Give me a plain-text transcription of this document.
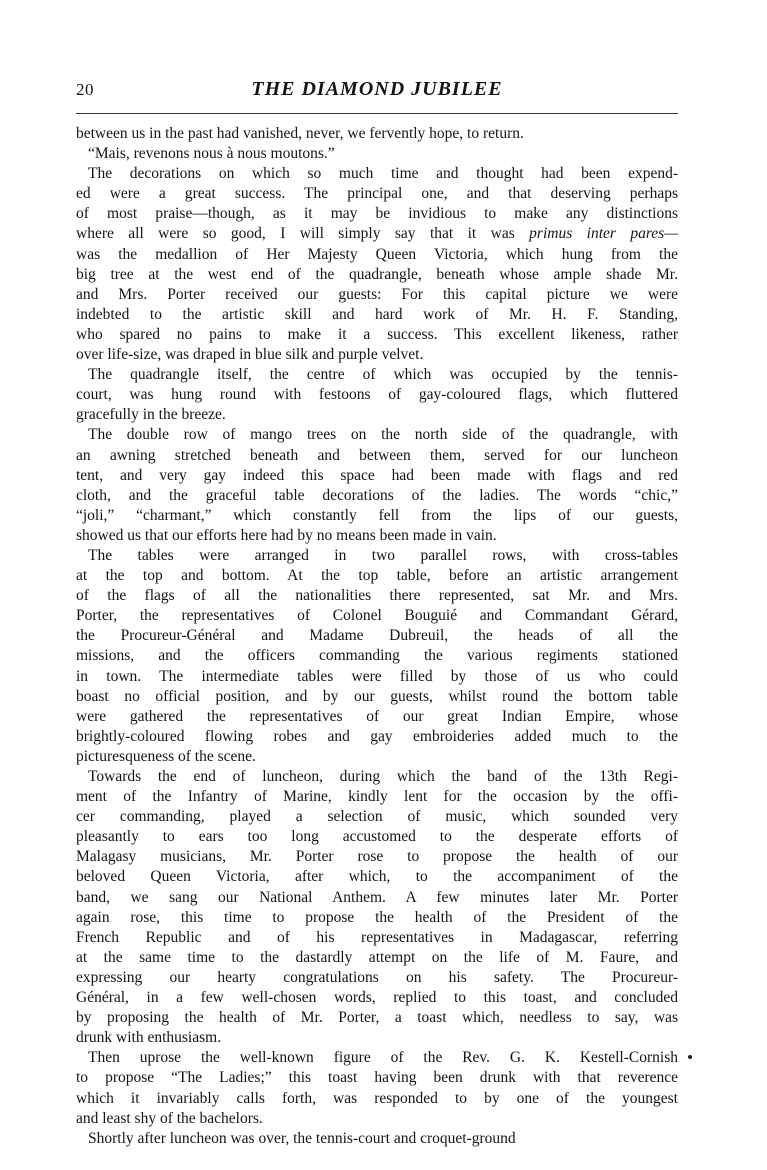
20	THE DIAMOND JUBILEE
between us in the past had vanished, never, we fervently hope, to return.
“Mais, revenons nous à nous moutons.”
The decorations on which so much time and thought had been expend-
ed were a great success. The principal one, and that deserving perhaps
of most praise—though, as it may be invidious to make any distinctions
where all were so good, I will simply say that it was primus inter pares—
was the medallion of Her Majesty Queen Victoria, which hung from the
big tree at the west end of the quadrangle, beneath whose ample shade Mr.
and Mrs. Porter received our guests: For this capital picture we were
indebted to the artistic skill and hard work of Mr. H. F. Standing,
who spared no pains to make it a success. This excellent likeness, rather
over life-size, was draped in blue silk and purple velvet.
The quadrangle itself, the centre of which was occupied by the tennis-
court, was hung round with festoons of gay-coloured flags, which fluttered
gracefully in the breeze.
The double row of mango trees on the north side of the quadrangle, with
an awning stretched beneath and between them, served for our luncheon
tent, and very gay indeed this space had been made with flags and red
cloth, and the graceful table decorations of the ladies. The words “chic,”
“joli,” “charmant,” which constantly fell from the lips of our guests,
showed us that our efforts here had by no means been made in vain.
The tables were arranged in two parallel rows, with cross-tables
at the top and bottom. At the top table, before an artistic arrangement
of the flags of all the nationalities there represented, sat Mr. and Mrs.
Porter, the representatives of Colonel Bouguié and Commandant Gérard,
the Procureur-Général and Madame Dubreuil, the heads of all the
missions, and the officers commanding the various regiments stationed
in town. The intermediate tables were filled by those of us who could
boast no official position, and by our guests, whilst round the bottom table
were gathered the representatives of our great Indian Empire, whose
brightly-coloured flowing robes and gay embroideries added much to the
picturesqueness of the scene.
Towards the end of luncheon, during which the band of the 13th Regi-
ment of the Infantry of Marine, kindly lent for the occasion by the offi-
cer commanding, played a selection of music, which sounded very
pleasantly to ears too long accustomed to the desperate efforts of
Malagasy musicians, Mr. Porter rose to propose the health of our
beloved Queen Victoria, after which, to the accompaniment of the
band, we sang our National Anthem. A few minutes later Mr. Porter
again rose, this time to propose the health of the President of the
French Republic and of his representatives in Madagascar, referring
at the same time to the dastardly attempt on the life of M. Faure, and
expressing our hearty congratulations on his safety. The Procureur-
Général, in a few well-chosen words, replied to this toast, and concluded
by proposing the health of Mr. Porter, a toast which, needless to say, was
drunk with enthusiasm.
Then uprose the well-known figure of the Rev. G. K. Kestell-Cornish
to propose “The Ladies;” this toast having been drunk with that reverence
which it invariably calls forth, was responded to by one of the youngest
and least shy of the bachelors.
Shortly after luncheon was over, the tennis-court and croquet-ground
